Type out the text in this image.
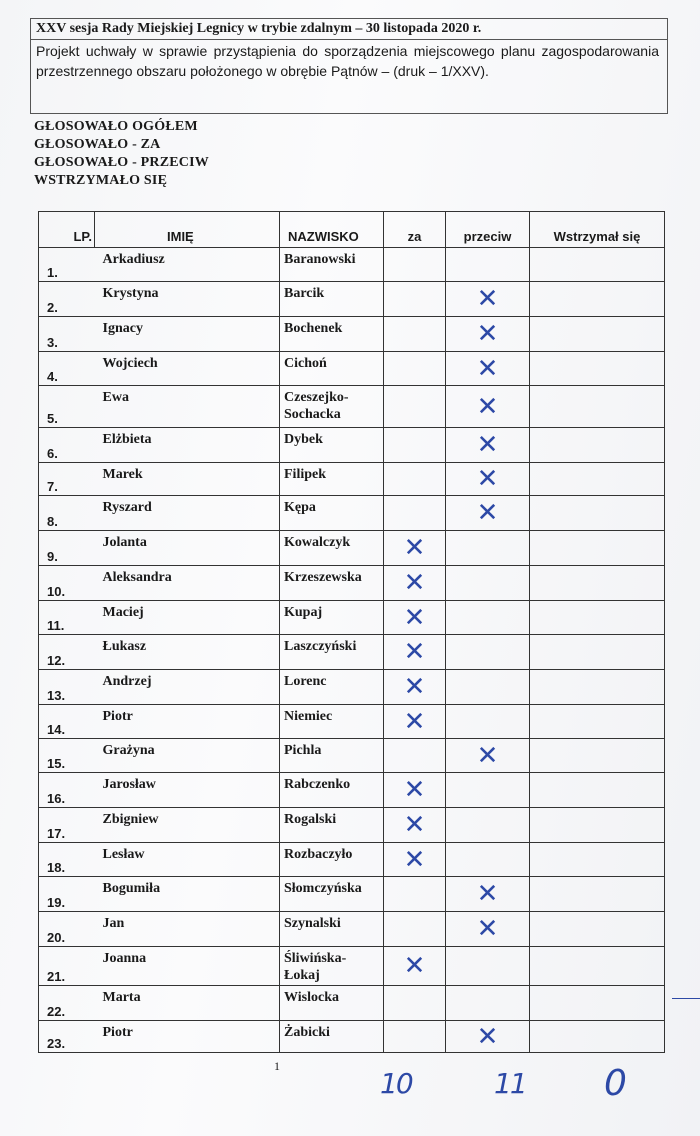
XXV sesja Rady Miejskiej Legnicy w trybie zdalnym – 30 listopada 2020 r.
Projekt uchwały w sprawie przystąpienia do sporządzenia miejscowego planu zagospodarowania przestrzennego obszaru położonego w obrębie Pątnów – (druk – 1/XXV).
GŁOSOWAŁO OGÓŁEM
GŁOSOWAŁO - ZA
GŁOSOWAŁO - PRZECIW
WSTRZYMAŁO SIĘ
LP.	IMIĘ	NAZWISKO	za	przeciw	Wstrzymał się
1.	Arkadiusz	Baranowski			
2.	Krystyna	Barcik		✕	

3.	Ignacy	Bochenek		✕	

4.	Wojciech	Cichoń		✕	

5.	Ewa	Czeszejko-
Sochacka		✕	

6.	Elżbieta	Dybek		✕	

7.	Marek	Filipek		✕	

8.	Ryszard	Kępa		✕	

9.	Jolanta	Kowalczyk	✕		

10.	Aleksandra	Krzeszewska	✕		

11.	Maciej	Kupaj	✕		

12.	Łukasz	Laszczyński	✕		

13.	Andrzej	Lorenc	✕		

14.	Piotr	Niemiec	✕		

15.	Grażyna	Pichla		✕	

16.	Jarosław	Rabczenko	✕		

17.	Zbigniew	Rogalski	✕		

18.	Lesław	Rozbaczyło	✕		

19.	Bogumiła	Słomczyńska		✕	

20.	Jan	Szynalski		✕	

21.	Joanna	Śliwińska-
Łokaj	✕		

22.	Marta	Wislocka			
23.	Piotr	Żabicki		✕	

1
10	11 0
